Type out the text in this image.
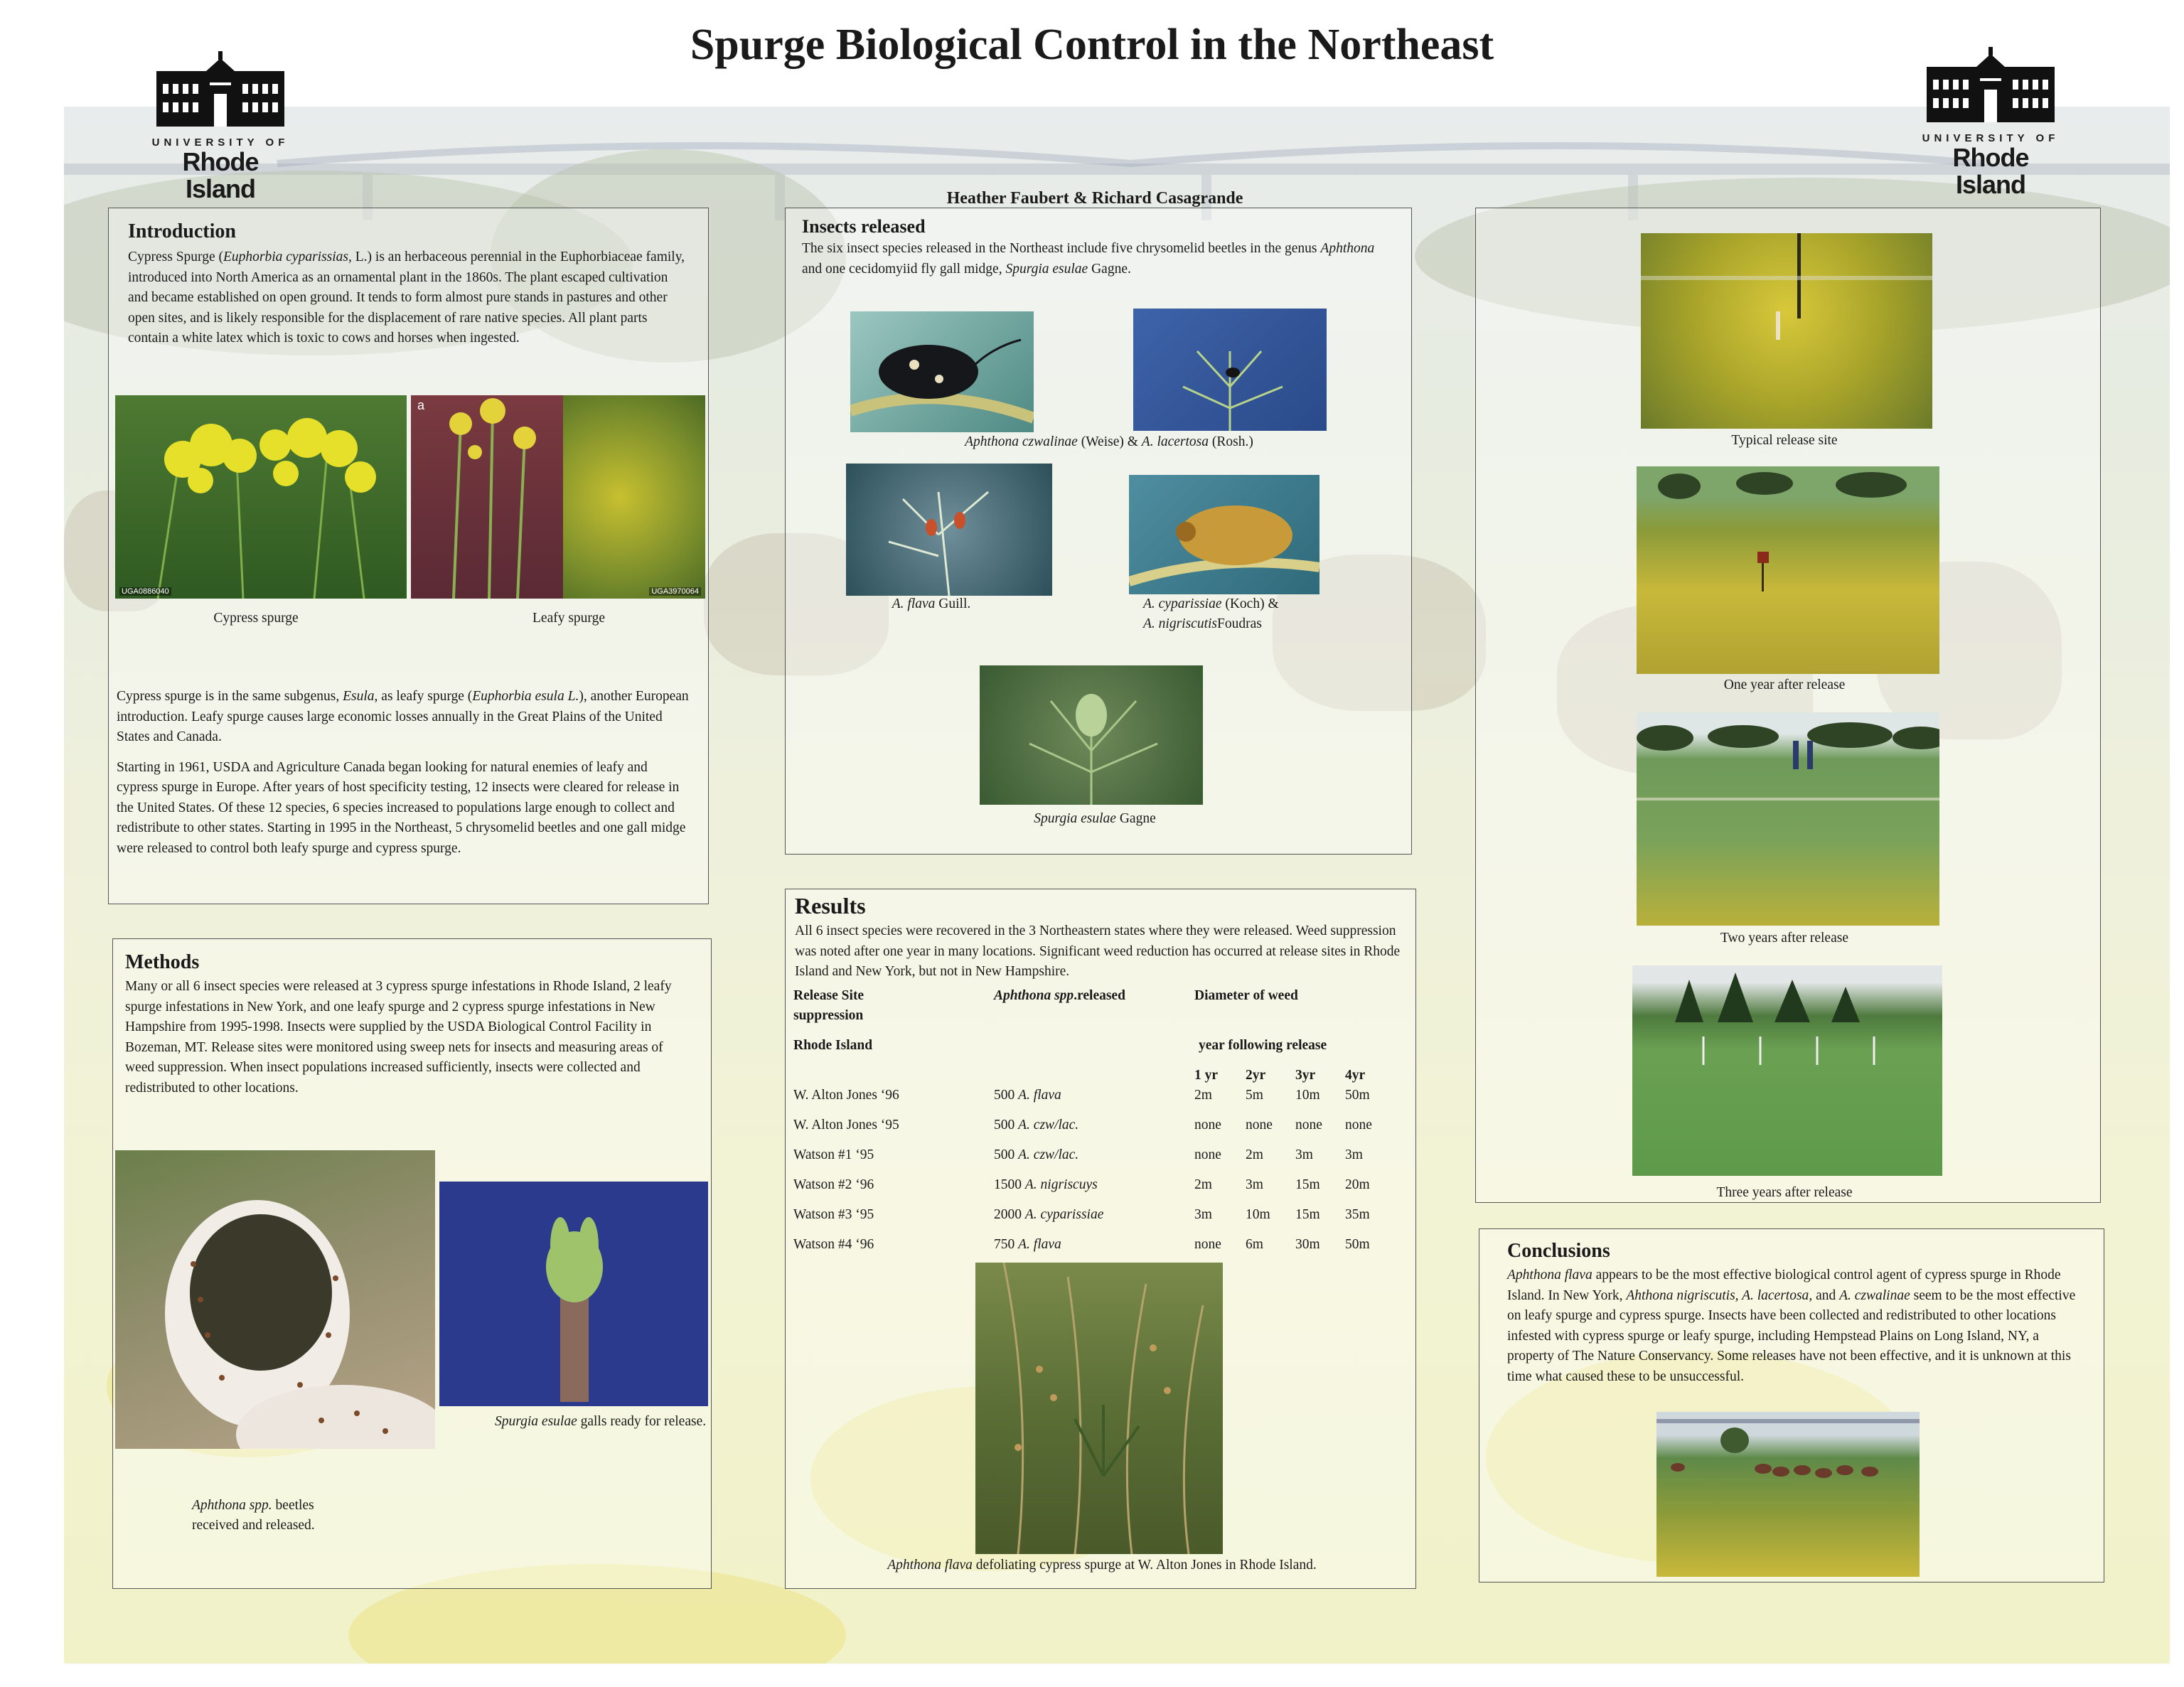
Spurge Biological Control in the Northeast
Heather Faubert & Richard Casagrande
UNIVERSITY OF
Rhode Island
UNIVERSITY OF
Rhode Island
Introduction

Cypress Spurge (Euphorbia cyparissias, L.) is an herbaceous perennial in the Euphorbiaceae family, introduced into North America as an ornamental plant in the 1860s. The plant escaped cultivation and became established on open ground. It tends to form almost pure stands in pastures and other open sites, and is likely responsible for the displacement of rare native species. All plant parts contain a white latex which is toxic to cows and horses when ingested.

UGA0886040
a
UGA3970064
Cypress spurge	Leafy spurge

Cypress spurge is in the same subgenus, Esula, as leafy spurge (Euphorbia esula L.), another European introduction. Leafy spurge causes large economic losses annually in the Great Plains of the United States and Canada.

Starting in 1961, USDA and Agriculture Canada began looking for natural enemies of leafy and cypress spurge in Europe. After years of host specificity testing, 12 insects were cleared for release in the United States. Of these 12 species, 6 species increased to populations large enough to collect and redistribute to other states. Starting in 1995 in the Northeast, 5 chrysomelid beetles and one gall midge were released to control both leafy spurge and cypress spurge.

Methods
Many or all 6 insect species were released at 3 cypress spurge infestations in Rhode Island, 2 leafy spurge infestations in New York, and one leafy spurge and 2 cypress spurge infestations in New Hampshire from 1995-1998. Insects were supplied by the USDA Biological Control Facility in Bozeman, MT. Release sites were monitored using sweep nets for insects and measuring areas of weed suppression. When insect populations increased sufficiently, insects were collected and redistributed to other locations.
Spurgia esulae galls ready for release.
Aphthona spp. beetles received and released.
Insects released
The six insect species released in the Northeast include five chrysomelid beetles in the genus Aphthona and one cecidomyiid fly gall midge, Spurgia esulae Gagne.
Aphthona czwalinae (Weise) & A. lacertosa (Rosh.)
A. flava Guill.	A. cyparissiae (Koch) &
A. nigriscutisFoudras
Spurgia esulae Gagne
Results
All 6 insect species were recovered in the 3 Northeastern states where they were released. Weed suppression was noted after one year in many locations. Significant weed reduction has occurred at release sites in Rhode Island and New York, but not in New Hampshire.
Release Site	Aphthona spp.released	Diameter of weed
suppression
Rhode Island	year following release
1 yr 2yr 3yr 4yr
W. Alton Jones ‘96	500 A. flava	2m 5m 10m 50m
W. Alton Jones ‘95	500 A. czw/lac.	none none none none
Watson #1 ‘95	500 A. czw/lac.	none 2m 3m 3m
Watson #2 ‘96	1500 A. nigriscuys	2m 3m 15m 20m
Watson #3 ‘95	2000 A. cyparissiae	3m 10m 15m 35m
Watson #4 ‘96	750 A. flava	none 6m 30m 50m
Aphthona flava defoliating cypress spurge at W. Alton Jones in Rhode Island.
Typical release site
One year after release
Two years after release
Three years after release
Conclusions
Aphthona flava appears to be the most effective biological control agent of cypress spurge in Rhode Island. In New York, Ahthona nigriscutis, A. lacertosa, and A. czwalinae seem to be the most effective on leafy spurge and cypress spurge. Insects have been collected and redistributed to other locations infested with cypress spurge or leafy spurge, including Hempstead Plains on Long Island, NY, a property of The Nature Conservancy. Some releases have not been effective, and it is unknown at this time what caused these to be unsuccessful.
